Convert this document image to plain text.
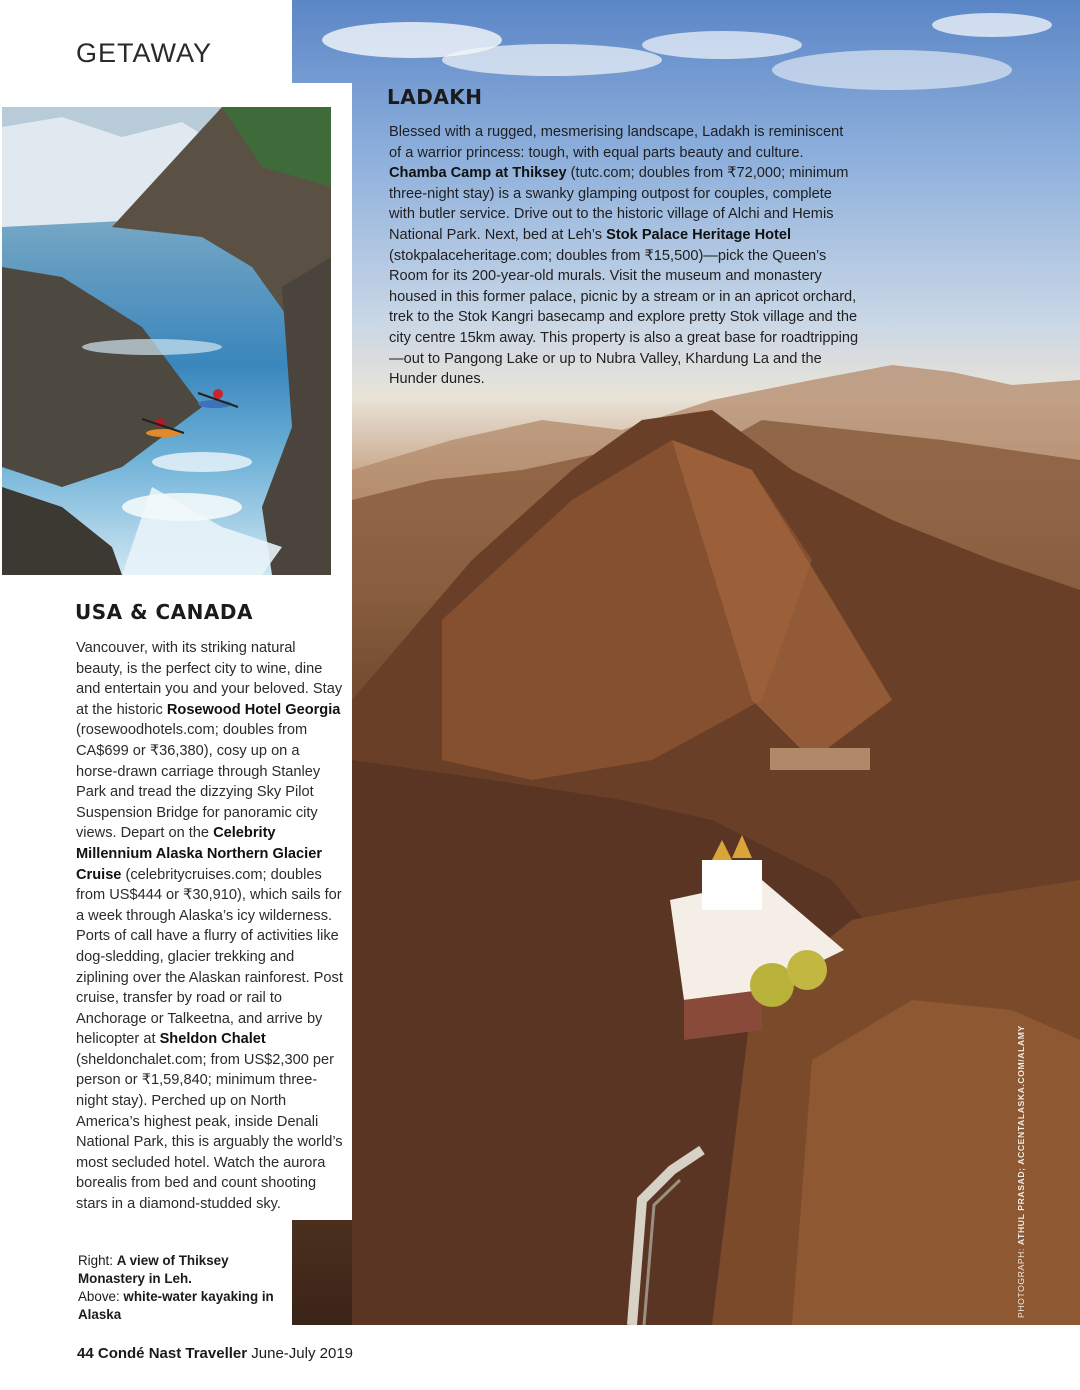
GETAWAY
LADAKH
Blessed with a rugged, mesmerising landscape, Ladakh is reminiscent of a warrior princess: tough, with equal parts beauty and culture. Chamba Camp at Thiksey (tutc.com; doubles from ₹72,000; minimum three-night stay) is a swanky glamping outpost for couples, complete with butler service. Drive out to the historic village of Alchi and Hemis National Park. Next, bed at Leh’s Stok Palace Heritage Hotel (stokpalaceheritage.com; doubles from ₹15,500)—pick the Queen’s Room for its 200-year-old murals. Visit the museum and monastery housed in this former palace, picnic by a stream or in an apricot orchard, trek to the Stok Kangri basecamp and explore pretty Stok village and the city centre 15km away. This property is also a great base for roadtripping—out to Pangong Lake or up to Nubra Valley, Khardung La and the Hunder dunes.
USA & CANADA
Vancouver, with its striking natural beauty, is the perfect city to wine, dine and entertain you and your beloved. Stay at the historic Rosewood Hotel Georgia (rosewoodhotels.com; doubles from CA$699 or ₹36,380), cosy up on a horse-drawn carriage through Stanley Park and tread the dizzying Sky Pilot Suspension Bridge for panoramic city views. Depart on the Celebrity Millennium Alaska Northern Glacier Cruise (celebritycruises.com; doubles from US$444 or ₹30,910), which sails for a week through Alaska’s icy wilderness. Ports of call have a flurry of activities like dog-sledding, glacier trekking and ziplining over the Alaskan rainforest. Post cruise, transfer by road or rail to Anchorage or Talkeetna, and arrive by helicopter at Sheldon Chalet (sheldonchalet.com; from US$2,300 per person or ₹1,59,840; minimum three-night stay). Perched up on North America’s highest peak, inside Denali National Park, this is arguably the world’s most secluded hotel. Watch the aurora borealis from bed and count shooting stars in a diamond-studded sky.
Right: A view of Thiksey Monastery in Leh.
Above: white-water kayaking in Alaska	PHOTOGRAPH: ATHUL PRASAD; ACCENTALASKA.COM/ALAMY
44 Condé Nast Traveller June-July 2019
